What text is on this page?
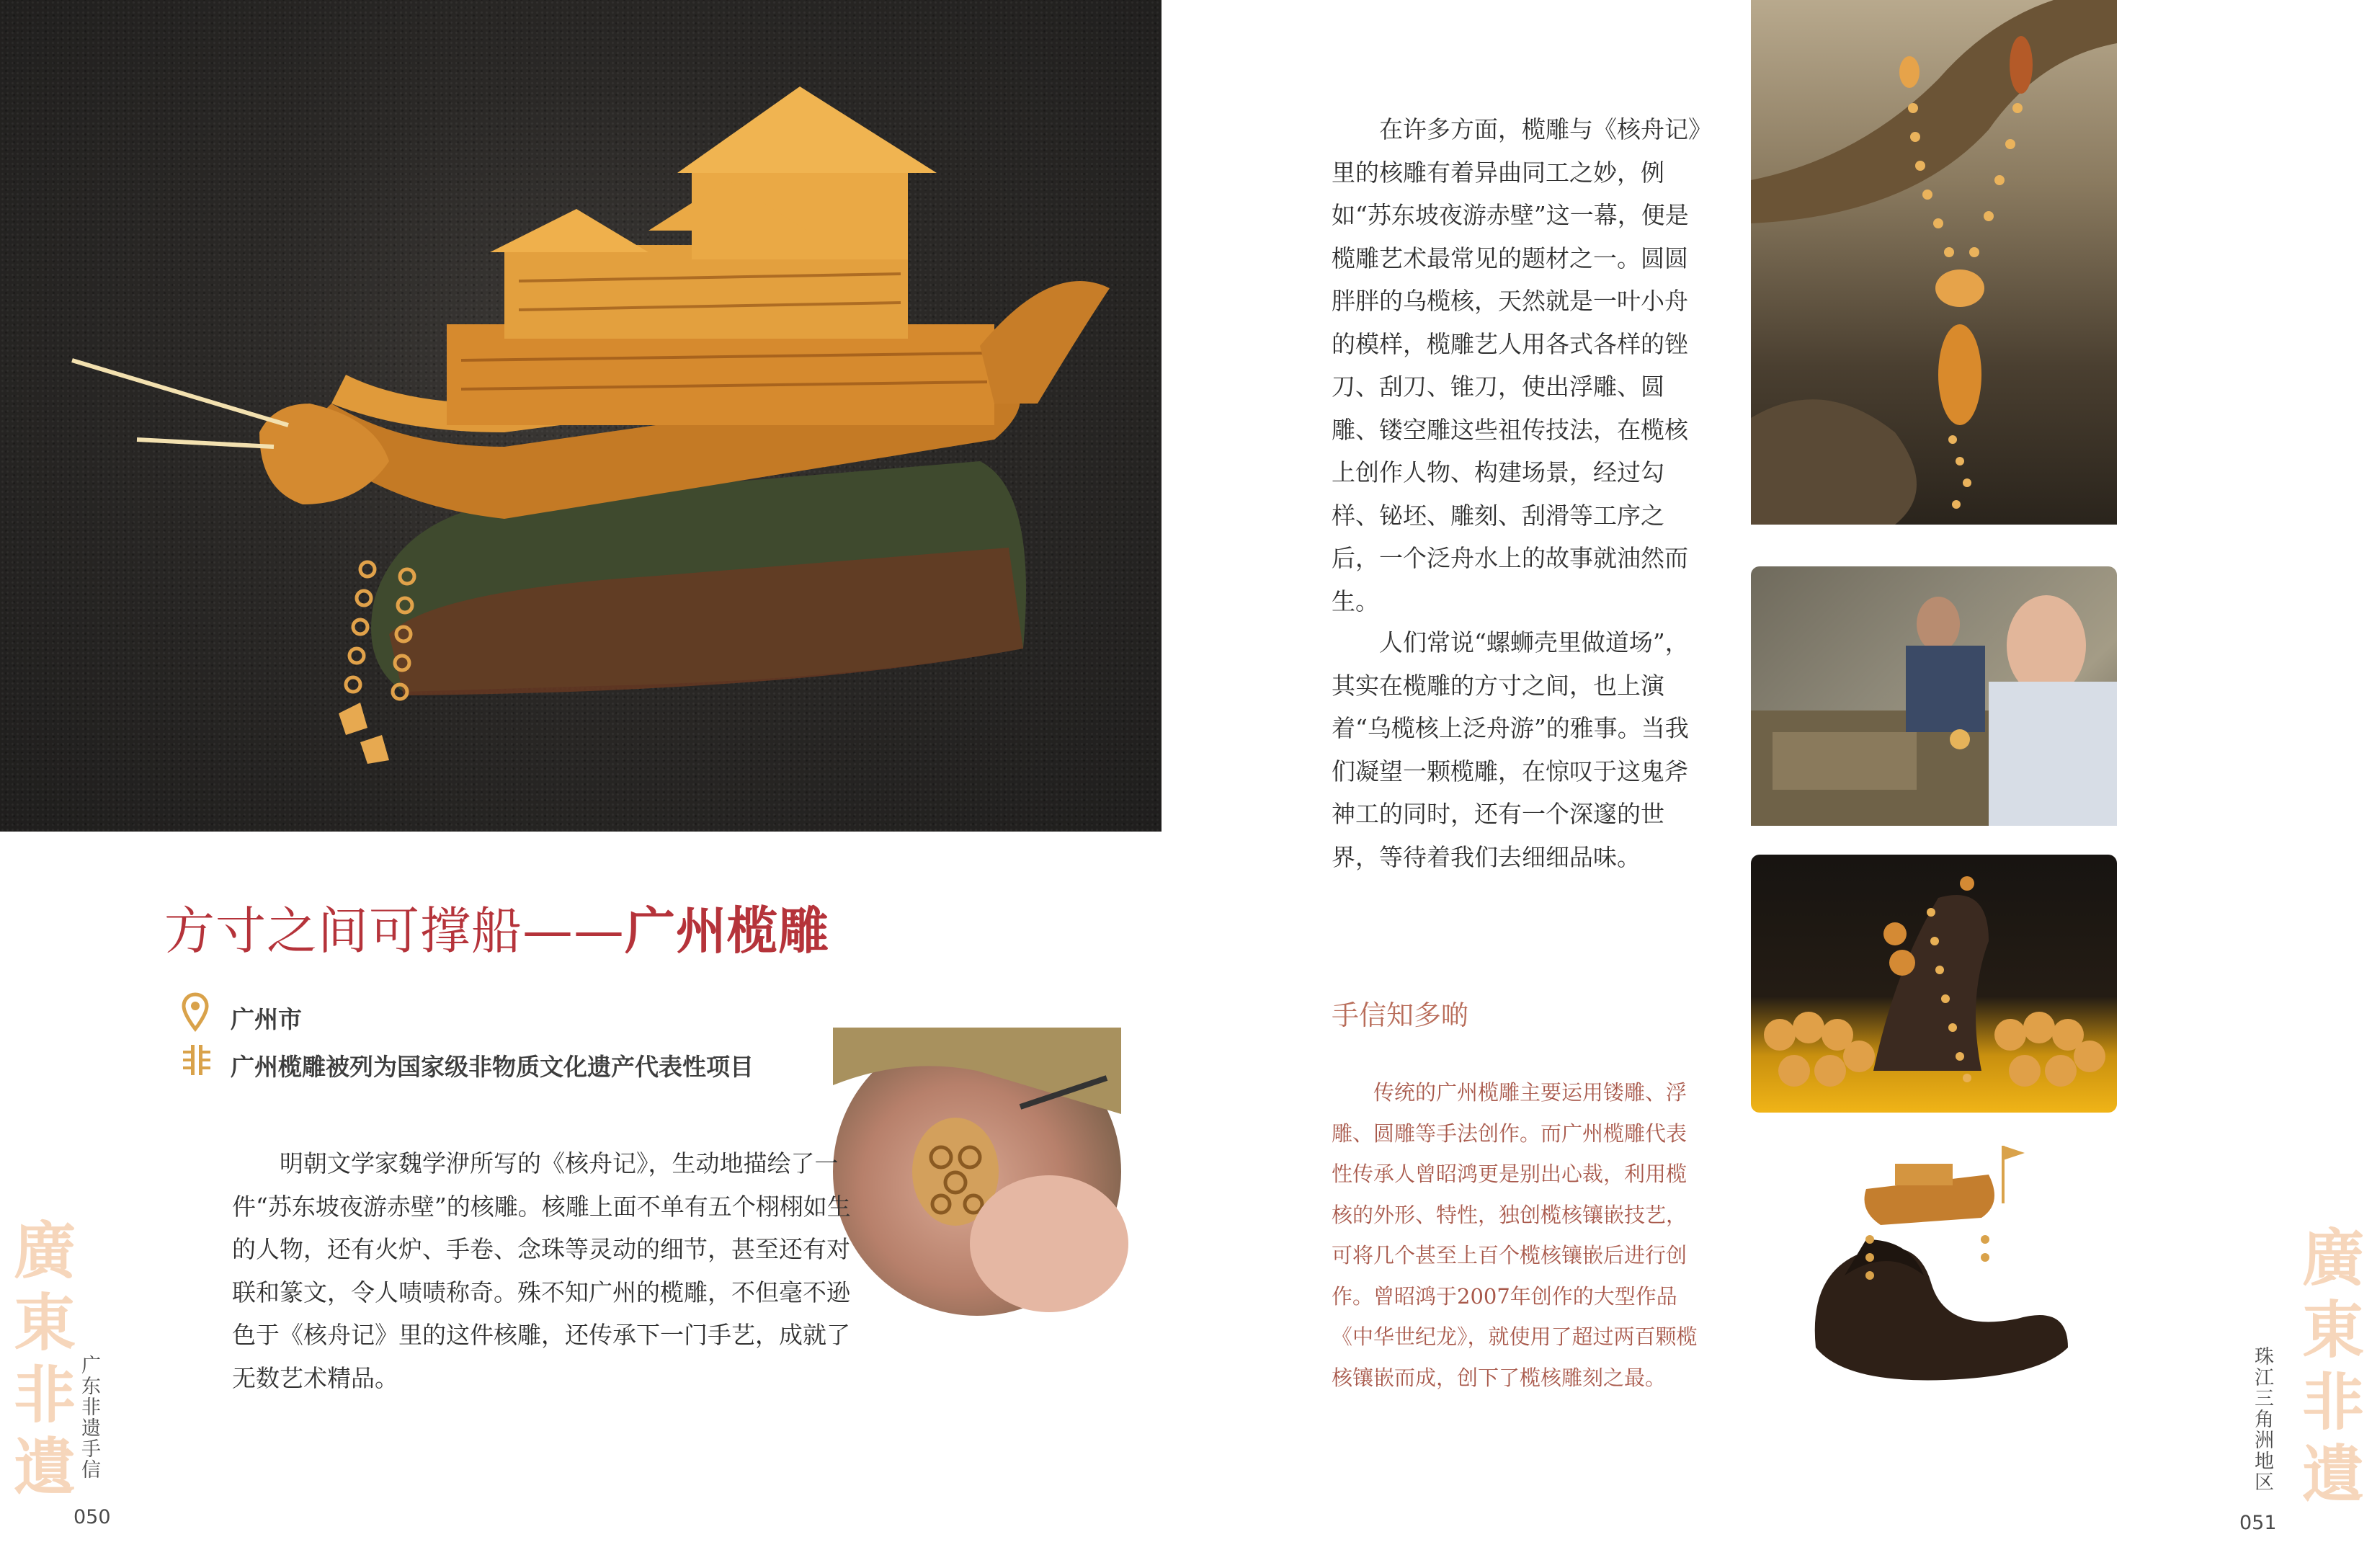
方寸之间可撑船——广州榄雕
广州市
广州榄雕被列为国家级非物质文化遗产代表性项目

明朝文学家魏学洢所写的《核舟记》，生动地描绘了一件“苏东坡夜游赤壁”的核雕。核雕上面不单有五个栩栩如生的人物，还有火炉、手卷、念珠等灵动的细节，甚至还有对联和篆文，令人啧啧称奇。殊不知广州的榄雕，不但毫不逊色于《核舟记》里的这件核雕，还传承下一门手艺，成就了无数艺术精品。

广东非遗手信
050
廣東非遺

在许多方面，榄雕与《核舟记》里的核雕有着异曲同工之妙，例如“苏东坡夜游赤壁”这一幕，便是榄雕艺术最常见的题材之一。圆圆胖胖的乌榄核，天然就是一叶小舟的模样，榄雕艺人用各式各样的锉刀、刮刀、锥刀，使出浮雕、圆雕、镂空雕这些祖传技法，在榄核上创作人物、构建场景，经过勾样、铋坯、雕刻、刮滑等工序之后，一个泛舟水上的故事就油然而生。

人们常说“螺蛳壳里做道场”，其实在榄雕的方寸之间，也上演着“乌榄核上泛舟游”的雅事。当我们凝望一颗榄雕，在惊叹于这鬼斧神工的同时，还有一个深邃的世界，等待着我们去细细品味。

手信知多啲

传统的广州榄雕主要运用镂雕、浮雕、圆雕等手法创作。而广州榄雕代表性传承人曾昭鸿更是别出心裁，利用榄核的外形、特性，独创榄核镶嵌技艺，可将几个甚至上百个榄核镶嵌后进行创作。曾昭鸿于2007年创作的大型作品《中华世纪龙》，就使用了超过两百颗榄核镶嵌而成，创下了榄核雕刻之最。	珠江三角洲地区
051
廣東非遺
